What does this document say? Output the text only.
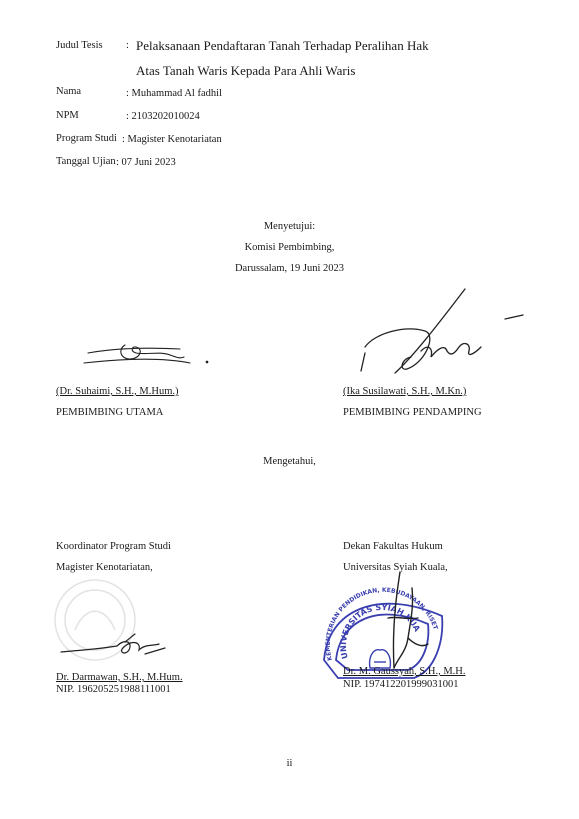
Judul Tesis : Pelaksanaan Pendaftaran Tanah Terhadap Peralihan Hak
Atas Tanah Waris Kepada Para Ahli Waris
Nama	: Muhammad Al fadhil
NPM	: 2103202010024
Program Studi : Magister Kenotariatan
Tanggal Ujian : 07 Juni 2023
Menyetujui:
Komisi Pembimbing,
Darussalam, 19 Juni 2023
(Dr. Suhaimi, S.H., M.Hum.)
PEMBIMBING UTAMA
(Ika Susilawati, S.H., M.Kn.)
PEMBIMBING PENDAMPING
Mengetahui,
Koordinator Program Studi
Magister Kenotariatan,
Dekan Fakultas Hukum
Universitas Syiah Kuala,
Dr. Darmawan, S.H., M.Hum.
NIP. 196205251988111001
KEMENTERIAN PENDIDIKAN, KEBUDAYAAN, RISET
UNIVERSITAS SYIAH KUALA
Dr. M. Gaussyah, S.H., M.H.
NIP. 197412201999031001
ii
